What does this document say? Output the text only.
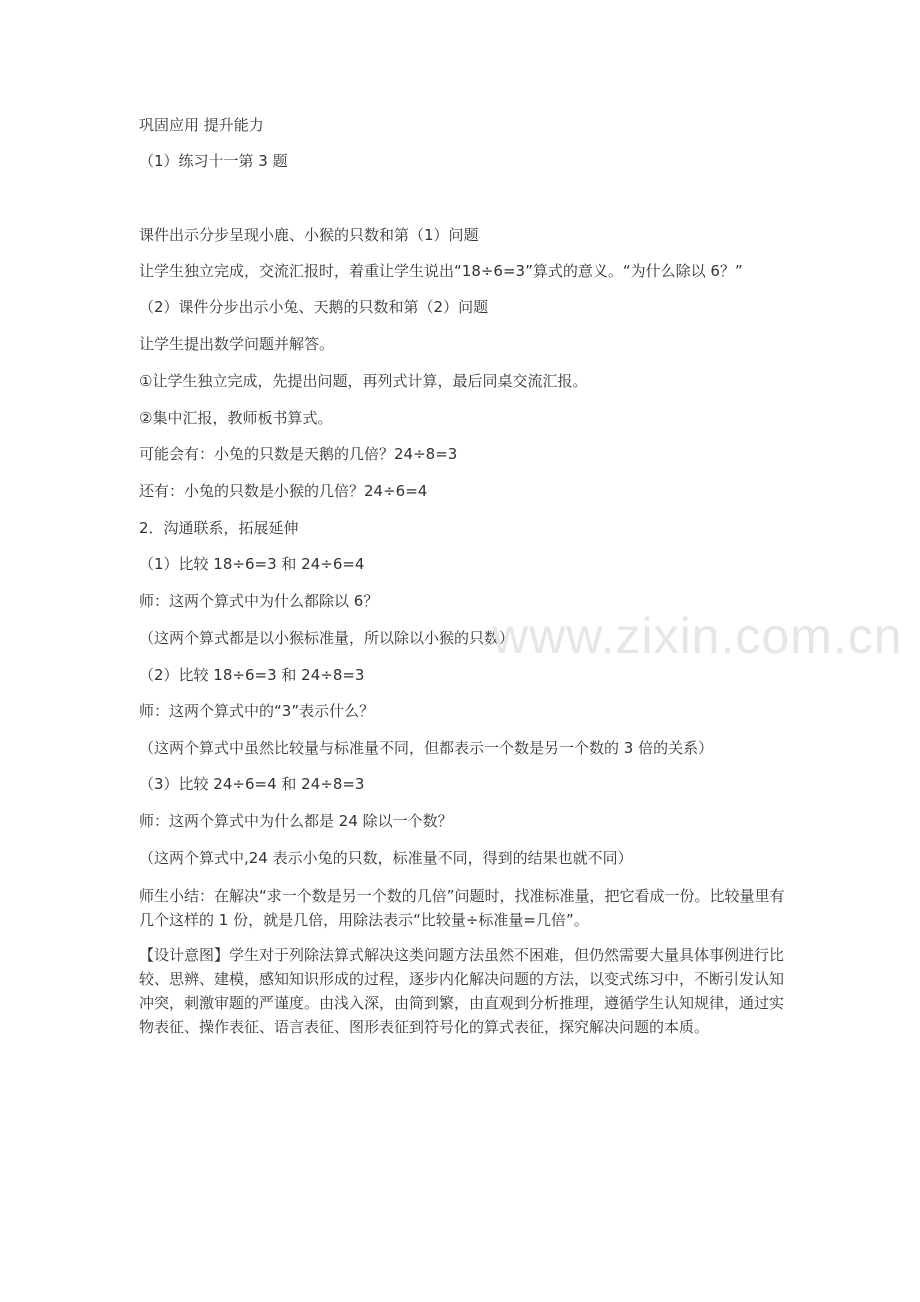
巩固应用 提升能力
（1）练习十一第 3 题
课件出示分步呈现小鹿、小猴的只数和第（1）问题
让学生独立完成，交流汇报时，着重让学生说出“18÷6=3”算式的意义。“为什么除以 6？”
（2）课件分步出示小兔、天鹅的只数和第（2）问题
让学生提出数学问题并解答。
①让学生独立完成，先提出问题，再列式计算，最后同桌交流汇报。
②集中汇报，教师板书算式。
可能会有：小兔的只数是天鹅的几倍？24÷8=3
还有：小兔的只数是小猴的几倍？24÷6=4
2．沟通联系，拓展延伸
（1）比较 18÷6=3 和 24÷6=4
师：这两个算式中为什么都除以 6？
（这两个算式都是以小猴标准量，所以除以小猴的只数）
（2）比较 18÷6=3 和 24÷8=3
师：这两个算式中的“3”表示什么？
（这两个算式中虽然比较量与标准量不同，但都表示一个数是另一个数的 3 倍的关系）
（3）比较 24÷6=4 和 24÷8=3
师：这两个算式中为什么都是 24 除以一个数？
（这两个算式中,24 表示小兔的只数，标准量不同，得到的结果也就不同）
师生小结：在解决“求一个数是另一个数的几倍”问题时，找准标准量，把它看成一份。比较量里有几个这样的 1 份，就是几倍，用除法表示“比较量÷标准量=几倍”。
【设计意图】学生对于列除法算式解决这类问题方法虽然不困难，但仍然需要大量具体事例进行比较、思辨、建模，感知知识形成的过程，逐步内化解决问题的方法，以变式练习中，不断引发认知冲突，刺激审题的严谨度。由浅入深，由简到繁，由直观到分析推理，遵循学生认知规律，通过实物表征、操作表征、语言表征、图形表征到符号化的算式表征，探究解决问题的本质。
www.zixin.com.cn
